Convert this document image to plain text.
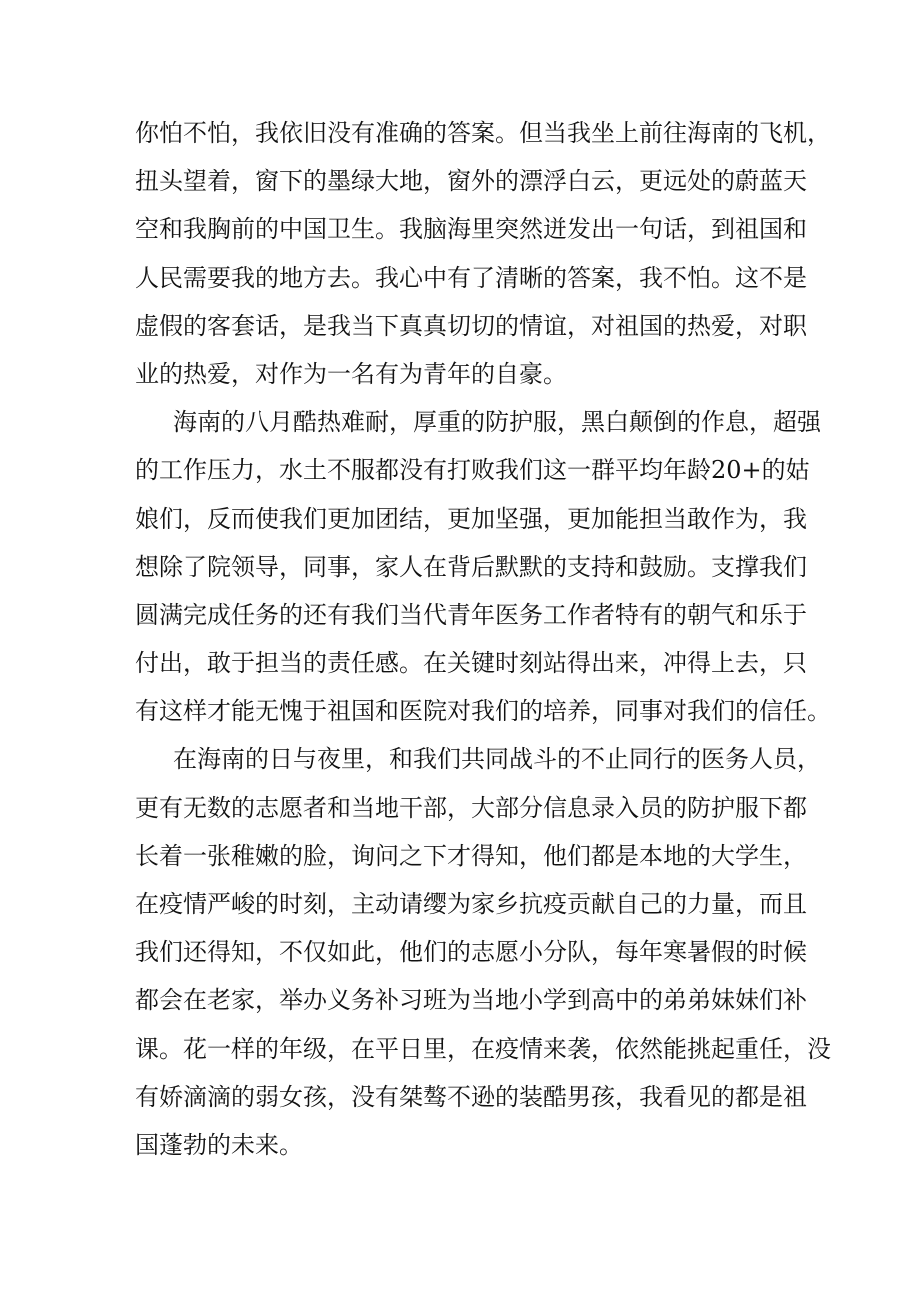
你怕不怕，我依旧没有准确的答案。但当我坐上前往海南的飞机，
扭头望着，窗下的墨绿大地，窗外的漂浮白云，更远处的蔚蓝天
空和我胸前的中国卫生。我脑海里突然迸发出一句话，到祖国和
人民需要我的地方去。我心中有了清晰的答案，我不怕。这不是
虚假的客套话，是我当下真真切切的情谊，对祖国的热爱，对职
业的热爱，对作为一名有为青年的自豪。
海南的八月酷热难耐，厚重的防护服，黑白颠倒的作息，超强
的工作压力，水土不服都没有打败我们这一群平均年龄20+的姑
娘们，反而使我们更加团结，更加坚强，更加能担当敢作为，我
想除了院领导，同事，家人在背后默默的支持和鼓励。支撑我们
圆满完成任务的还有我们当代青年医务工作者特有的朝气和乐于
付出，敢于担当的责任感。在关键时刻站得出来，冲得上去，只
有这样才能无愧于祖国和医院对我们的培养，同事对我们的信任。
在海南的日与夜里，和我们共同战斗的不止同行的医务人员，
更有无数的志愿者和当地干部，大部分信息录入员的防护服下都
长着一张稚嫩的脸，询问之下才得知，他们都是本地的大学生，
在疫情严峻的时刻，主动请缨为家乡抗疫贡献自己的力量，而且
我们还得知，不仅如此，他们的志愿小分队，每年寒暑假的时候
都会在老家，举办义务补习班为当地小学到高中的弟弟妹妹们补
课。花一样的年级，在平日里，在疫情来袭，依然能挑起重任，没
有娇滴滴的弱女孩，没有桀骜不逊的装酷男孩，我看见的都是祖
国蓬勃的未来。
